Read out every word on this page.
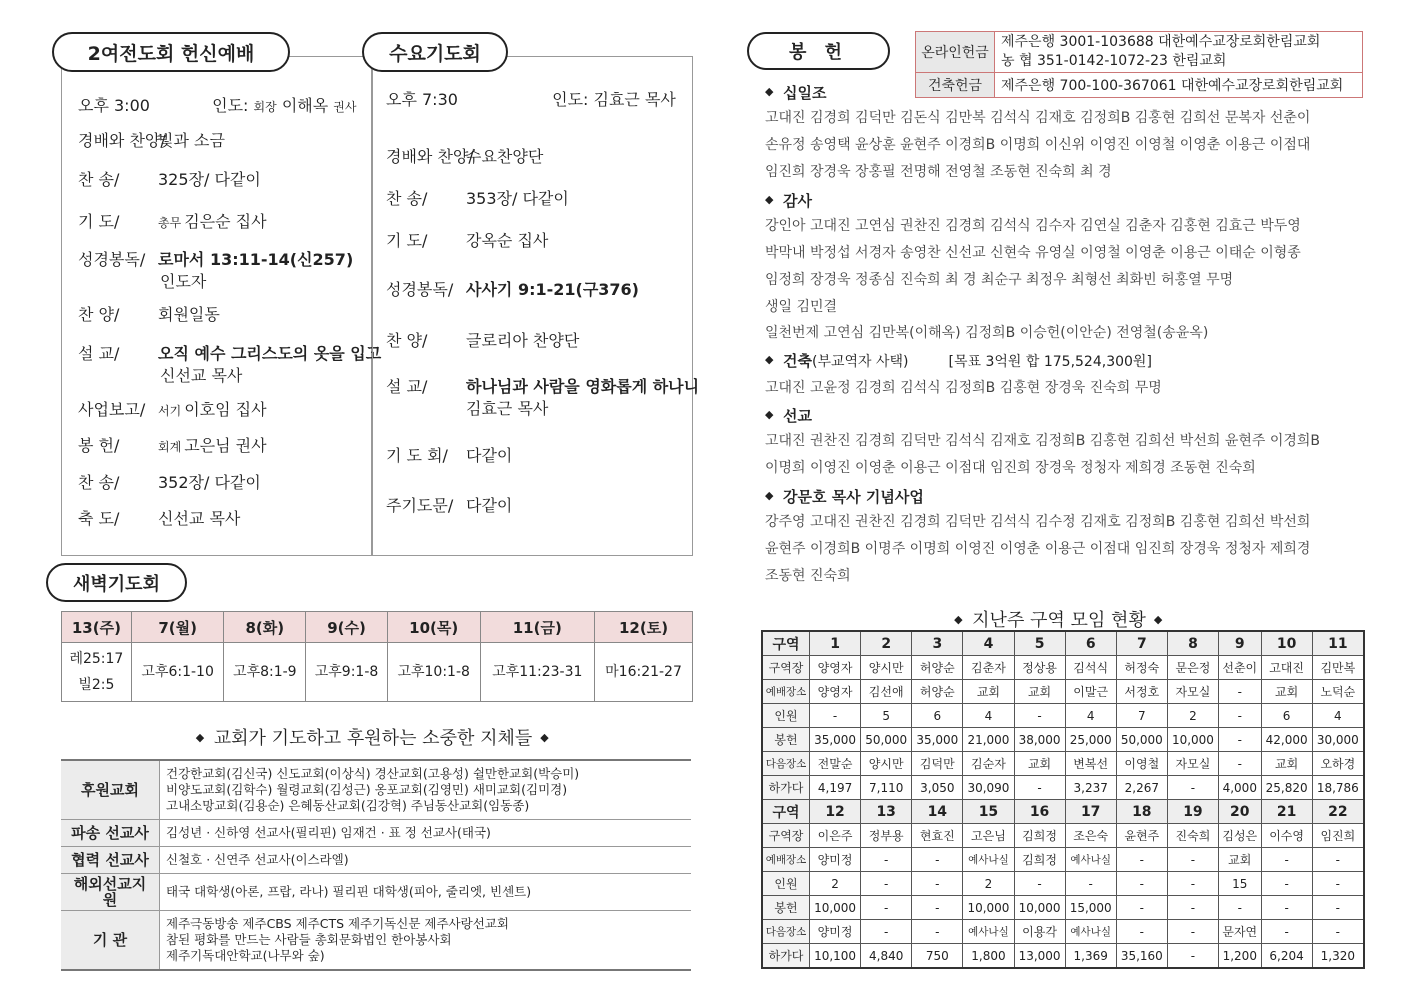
2여전도회 헌신예배
오후 3:00	인도: 회장 이해옥 권사
경배와 찬양/빛과 소금
찬 송/ 325장/ 다같이
기 도/	총무 김은순 집사
성경봉독/ 로마서 13:11-14(신257)
인도자
찬 양/ 회원일동
설 교/ 오직 예수 그리스도의 옷을 입고
신선교 목사
사업보고/ 서기 이호임 집사
봉 헌/	회계 고은님 권사
찬 송/ 352장/ 다같이
축 도/ 신선교 목사
수요기도회
오후 7:30	인도: 김효근 목사
경배와 찬양/수요찬양단
찬 송/ 353장/ 다같이
기 도/ 강옥순 집사
성경봉독/ 사사기 9:1-21(구376)
찬 양/ 글로리아 찬양단
설 교/ 하나님과 사람을 영화롭게 하나니
김효근 목사
기 도 회/ 다같이
주기도문/ 다같이
새벽기도회
13(주)	7(월)	8(화)	9(수)	10(목)	11(금)	12(토)

레25:17
빌2:5	고후6:1-10	고후8:1-9	고후9:1-8	고후10:1-8	고후11:23-31	마16:21-27
◆교회가 기도하고 후원하는 소중한 지체들◆
후원교회	건강한교회(김신국) 신도교회(이상식) 경산교회(고용성) 쉴만한교회(박승미)
비양도교회(김학수) 월령교회(김성근) 옹포교회(김영민) 새미교회(김미경)
고내소망교회(김용순) 은혜동산교회(김강혁) 주님동산교회(임동종)

파송 선교사	김성년 · 신하영 선교사(필리핀) 임재건 · 표 정 선교사(태국)

협력 선교사	신철호 · 신연주 선교사(이스라엘)

해외선교지원	태국 대학생(아론, 프랍, 라나) 필리핀 대학생(피아, 줄리엣, 빈센트)

기 관	제주극동방송 제주CBS 제주CTS 제주기독신문 제주사랑선교회
참된 평화를 만드는 사람들 총회문화법인 한아봉사회
제주기독대안학교(나무와 숲)
봉 헌	온라인헌금	제주은행 3001-103688 대한예수교장로회한림교회
농 협 351-0142-1072-23 한림교회

건축헌금	제주은행 700-100-367061 대한예수교장로회한림교회
◆십일조
고대진 김경희 김덕만 김돈식 김만복 김석식 김재호 김정희B 김홍현 김희선 문복자 선춘이
손유정 송영택 윤상훈 윤현주 이경희B 이명희 이신위 이영진 이영철 이영춘 이용근 이점대
임진희 장경욱 장홍필 전명해 전영철 조동현 진숙희 최 경
◆감사
강인아 고대진 고연심 권찬진 김경희 김석식 김수자 김연실 김춘자 김홍현 김효근 박두영
박막내 박정섭 서경자 송영찬 신선교 신현숙 유영실 이영철 이영춘 이용근 이태순 이형종
임정희 장경욱 정종심 진숙희 최 경 최순구 최정우 최형선 최화빈 허홍열 무명
생일 김민결
일천번제 고연심 김만복(이해옥) 김정희B 이승헌(이안순) 전영철(송윤옥)
◆건축(부교역자 사택)	[목표 3억원 합 175,524,300원]
고대진 고윤정 김경희 김석식 김정희B 김홍현 장경욱 진숙희 무명
◆선교
고대진 권찬진 김경희 김덕만 김석식 김재호 김정희B 김홍현 김희선 박선희 윤현주 이경희B
이명희 이영진 이영춘 이용근 이점대 임진희 장경욱 정청자 제희경 조동현 진숙희
◆강문호 목사 기념사업
강주영 고대진 권찬진 김경희 김덕만 김석식 김수정 김재호 김정희B 김홍현 김희선 박선희
윤현주 이경희B 이명주 이명희 이영진 이영춘 이용근 이점대 임진희 장경욱 정청자 제희경
조동현 진숙희
◆지난주 구역 모임 현황◆
구역	1	2	3	4	5	6	7	8	9	10	11
구역장	양영자	양시만	허양순	김춘자	정상용	김석식	허정숙	문은정	선춘이	고대진	김만복
예배장소	양영자	김선애	허양순	교회	교회	이말근	서정호	자모실	-	교회	노덕순
인원	-	5	6	4	-	4	7	2	-	6	4
봉헌	35,000	50,000	35,000	21,000	38,000	25,000	50,000	10,000	-	42,000	30,000
다음장소	전말순	양시만	김덕만	김순자	교회	변복선	이영철	자모실	-	교회	오하경
하가다	4,197	7,110	3,050	30,090	-	3,237	2,267	-	4,000	25,820	18,786
구역	12	13	14	15	16	17	18	19	20	21	22
구역장	이은주	정부용	현효진	고은님	김희정	조은숙	윤현주	진숙희	김성은	이수영	임진희
예배장소	양미정	-	-	예사나실	김희정	예사나실	-	-	교회	-	-
인원	2	-	-	2	-	-	-	-	15	-	-
봉헌	10,000	-	-	10,000	10,000	15,000	-	-	-	-	-
다음장소	양미정	-	-	예사나실	이용각	예사나실	-	-	문자연	-	-
하가다	10,100	4,840	750	1,800	13,000	1,369	35,160	-	1,200	6,204	1,320
